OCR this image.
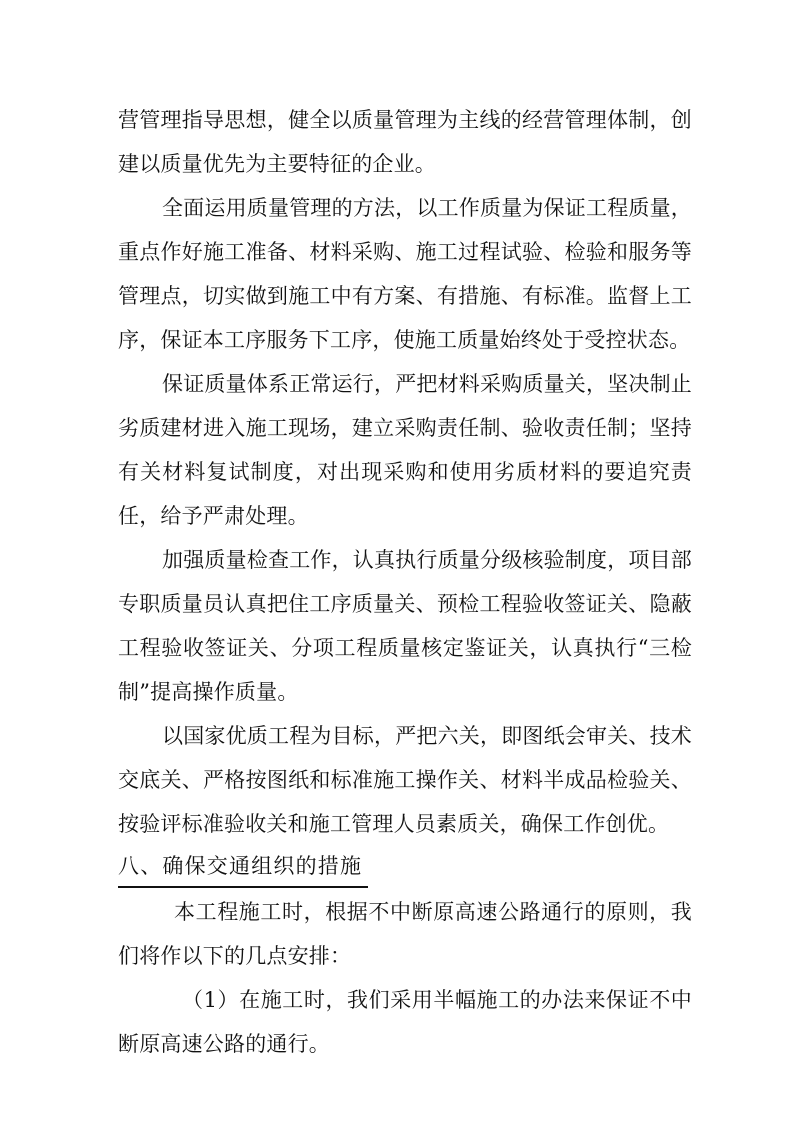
营管理指导思想，健全以质量管理为主线的经营管理体制，创建以质量优先为主要特征的企业。

全面运用质量管理的方法，以工作质量为保证工程质量，重点作好施工准备、材料采购、施工过程试验、检验和服务等管理点，切实做到施工中有方案、有措施、有标准。监督上工序，保证本工序服务下工序，使施工质量始终处于受控状态。

保证质量体系正常运行，严把材料采购质量关，坚决制止劣质建材进入施工现场，建立采购责任制、验收责任制；坚持有关材料复试制度，对出现采购和使用劣质材料的要追究责任，给予严肃处理。

加强质量检查工作，认真执行质量分级核验制度，项目部专职质量员认真把住工序质量关、预检工程验收签证关、隐蔽工程验收签证关、分项工程质量核定鉴证关，认真执行“三检制”提高操作质量。

以国家优质工程为目标，严把六关，即图纸会审关、技术交底关、严格按图纸和标准施工操作关、材料半成品检验关、按验评标准验收关和施工管理人员素质关，确保工作创优。

八、确保交通组织的措施

本工程施工时，根据不中断原高速公路通行的原则，我们将作以下的几点安排：

（1）在施工时，我们采用半幅施工的办法来保证不中断原高速公路的通行。
